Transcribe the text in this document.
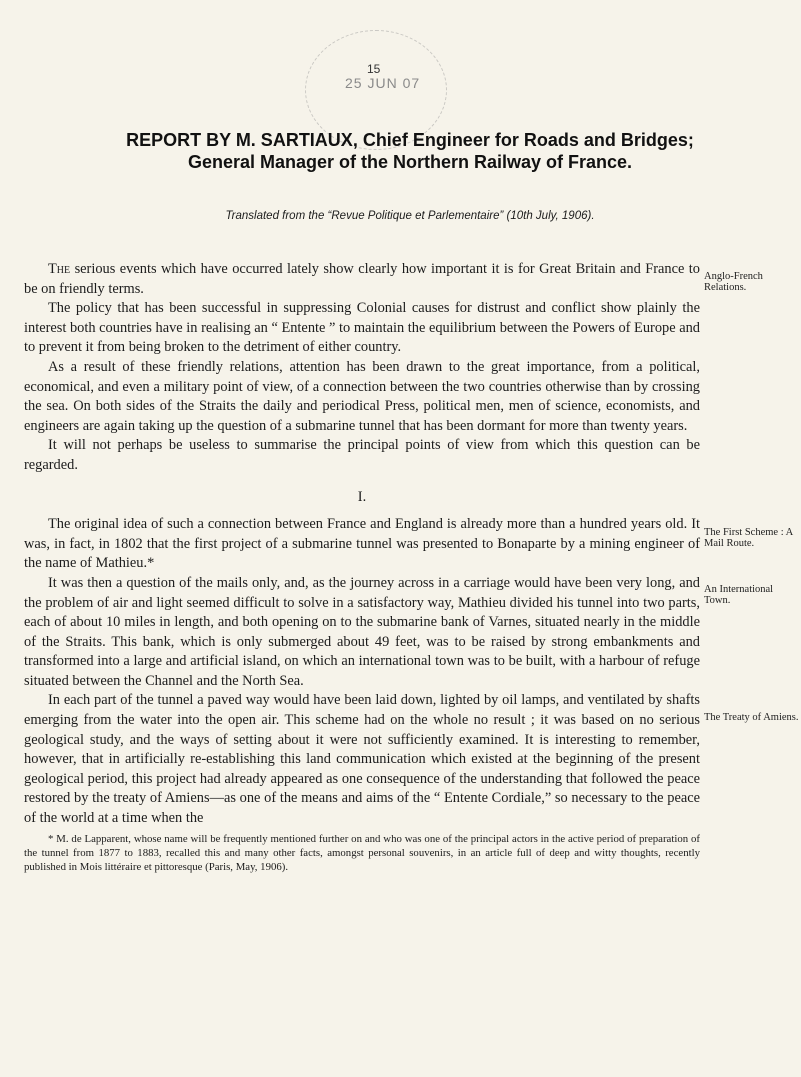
15
25 JUN 07
REPORT BY M. SARTIAUX, Chief Engineer for Roads and Bridges;
General Manager of the Northern Railway of France.
Translated from the “Revue Politique et Parlementaire” (10th July, 1906).

The serious events which have occurred lately show clearly how important it is for Great Britain and France to be on friendly terms.

The policy that has been successful in suppressing Colonial causes for distrust and conflict show plainly the interest both countries have in realising an “ Entente ” to maintain the equilibrium between the Powers of Europe and to prevent it from being broken to the detriment of either country.

As a result of these friendly relations, attention has been drawn to the great importance, from a political, economical, and even a military point of view, of a connection between the two countries otherwise than by crossing the sea. On both sides of the Straits the daily and periodical Press, political men, men of science, economists, and engineers are again taking up the question of a submarine tunnel that has been dormant for more than twenty years.

It will not perhaps be useless to summarise the principal points of view from which this question can be regarded.

I.

The original idea of such a connection between France and England is already more than a hundred years old. It was, in fact, in 1802 that the first project of a submarine tunnel was presented to Bonaparte by a mining engineer of the name of Mathieu.*

It was then a question of the mails only, and, as the journey across in a carriage would have been very long, and the problem of air and light seemed difficult to solve in a satisfactory way, Mathieu divided his tunnel into two parts, each of about 10 miles in length, and both opening on to the submarine bank of Varnes, situated nearly in the middle of the Straits. This bank, which is only submerged about 49 feet, was to be raised by strong embankments and transformed into a large and artificial island, on which an international town was to be built, with a harbour of refuge situated between the Channel and the North Sea.

In each part of the tunnel a paved way would have been laid down, lighted by oil lamps, and ventilated by shafts emerging from the water into the open air. This scheme had on the whole no result ; it was based on no serious geological study, and the ways of setting about it were not sufficiently examined. It is interesting to remember, however, that in artificially re-establishing this land communication which existed at the beginning of the present geological period, this project had already appeared as one consequence of the understanding that followed the peace restored by the treaty of Amiens—as one of the means and aims of the “ Entente Cordiale,” so necessary to the peace of the world at a time when the

* M. de Lapparent, whose name will be frequently mentioned further on and who was one of the principal actors in the active period of preparation of the tunnel from 1877 to 1883, recalled this and many other facts, amongst personal souvenirs, in an article full of deep and witty thoughts, recently published in Mois littéraire et pittoresque (Paris, May, 1906).

Anglo-French Relations.
The First Scheme : A Mail Route.
An International Town.
The Treaty of Amiens.
